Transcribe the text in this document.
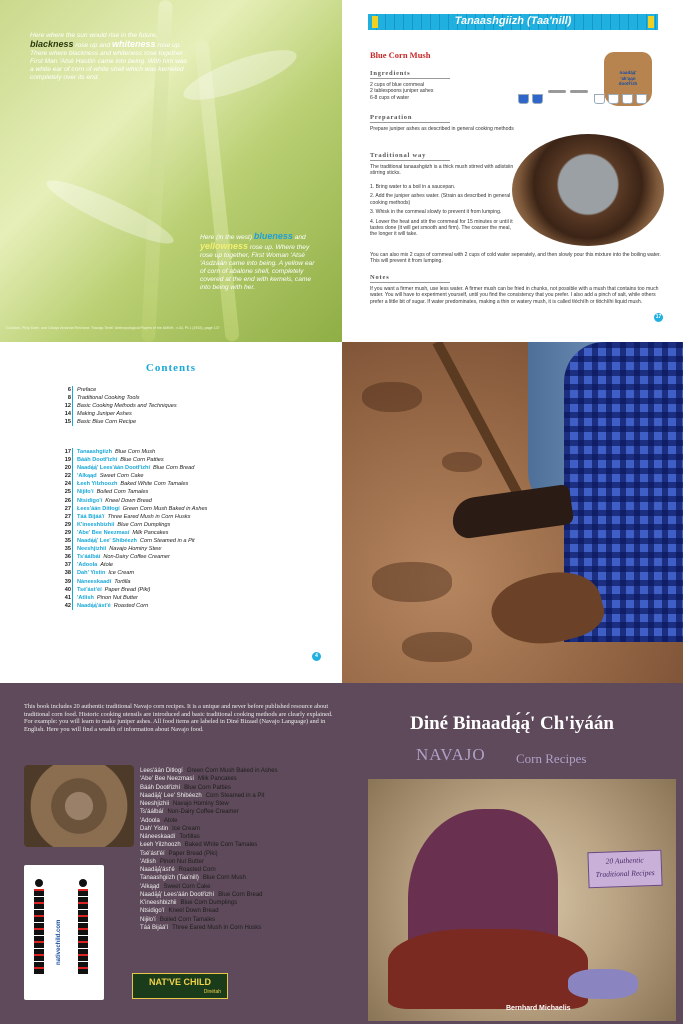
Here where the sun would rise in the future, blackness rose up and whiteness rose up. There where blackness and whiteness rose together First Man 'Atsé Hastiin came into being. With him was a white ear of corn of white shell which was kerneled completely over its end.
Here (in the west) blueness and yellowness rose up. Where they rose up together, First Woman 'Atsé 'Asdzáán came into being. A yellow ear of corn of abalone shell, completely covered at the end with kernels, came into being with her.
Goddard, Pliny Earle, and Gladys Amanda Reichard: "Navajo Texts" Anthropological Papers of the AMNH , v.34, Pt.1 (1933), page 137
Tanaashgiizh (Taa'nill)
Blue Corn Mush
naadą́ą́'
'ak'ąąn
dootł'izh
Ingredients
2 cups of blue cornmeal
2 tablespoons juniper ashes
6-8 cups of water
Preparation
Prepare juniper ashes as described in general cooking methods
Traditional way
The traditional tanaashgiizh is a thick mush stirred with adistsiin stirring sticks.
1. Bring water to a boil in a saucepan.
2. Add the juniper ashes water. (Strain as described in general cooking methods)
3. Whisk in the cornmeal slowly to prevent it from lumping.
4. Lower the heat and stir the cornmeal for 15 minutes or until it tastes done (it will get smooth and firm). The coarser the meal, the longer it will take.
You can also mix 2 cups of cornmeal with 2 cups of cold water seperately, and then slowly pour this mixture into the boiling water. This will prevent it from lumping.
Notes
If you want a firmer mush, use less water. A firmer mush can be fried in chunks, not possible with a mush that contains too much water. You will have to experiment yourself, until you find the consistency that you prefer. I also add a pinch of salt, while others prefer a little bit of sugar. If water predominates, making a thin or watery mush, it is called tłóchííh or tłóchííhi liquid mush.
17
Contents
6 Preface
8 Traditional Cooking Tools
12 Basic Cooking Methods and Techniques
14 Making Juniper Ashes
15 Basic Blue Corn Recipe
17 Tanaashgiizh Blue Corn Mush
19 Bááh Dootł'izhí Blue Corn Patties
20 Naadą́ą́' Lees'áán Dootł'izhí Blue Corn Bread
22 'Alkąąd Sweet Corn Cake
24 Łeeh Yilzhoozh Baked White Corn Tamales
25 Nijiło'í Boiled Corn Tamales
26 Ntsidigo'í Kneel Down Bread
27 Łees'áán Ditłogí Green Corn Mush Baked in Ashes
27 Táá Bijáá'í Three Eared Mush in Corn Husks
29 K'ineeshbizhii Blue Corn Dumplings
29 'Abe' Bee Neezmasí Milk Pancakes
35 Naadą́ą́' Lee' Shibéezh Corn Steamed in a Pit
35 Neeshjizhii Navajo Hominy Stew
36 Ts'áálbáí Non-Dairy Coffee Creamer
37 'Adoola Atole
38 Dah' Yistin Ice Cream
39 Náneeskaadí Tortilla
40 Tsé'ást'éí Paper Bread (Piki)
41 'Atlish Pinon Nut Butter
42 Naadą́ą́'ást'é Roasted Corn
4
This book includes 20 authentic traditional Navajo corn recipes. It is a unique and never before published resource about traditional corn food. Historic cooking utensils are introduced and basic traditional cooking methods are clearly explained. For example: you will learn to make juniper ashes. All food items are labeled in Diné Bizaad (Navajo Language) and in English. Here you will find a wealth of information about Navajo food.
nativechild.com
Lees'áán Ditłogí Green Corn Mush Baked in Ashes
'Abe' Bee Neezmasí Milk Pancakes
Bááh Dootł'izhí Blue Corn Patties
Naadą́ą́' Lee' Shibéezh Corn Steamed in a Pit
Neeshjizhii Navajo Hominy Stew
Ts'áálbáí Non-Dairy Coffee Creamer
'Adoola Atole
Dah' Yistin Ice Cream
Náneeskaadí Tortillas
Łeeh Yilzhoozh Baked White Corn Tamales
Tsé'ást'éí Paper Bread (Piki)
'Atlish Pinon Nut Butter
Naadą́ą́'ást'é Roasted Corn
Tanaashgiizh (Taa'nill) Blue Corn Mush
'Alkąąd Sweet Corn Cake
Naadą́ą́' Lees'áán Dootł'izhí Blue Corn Bread
K'ineeshbizhii Blue Corn Dumplings
Ntsidigo'í Kneel Down Bread
Nijiło'í Boiled Corn Tamales
Táá Bijáá'í Three Eared Mush in Corn Husks
NAT'VE CHILD
Dinétah
Diné Binaadą́ą́' Ch'iyáán
NAVAJO Corn Recipes
20 Authentic
Traditional Recipes
Bernhard Michaelis
